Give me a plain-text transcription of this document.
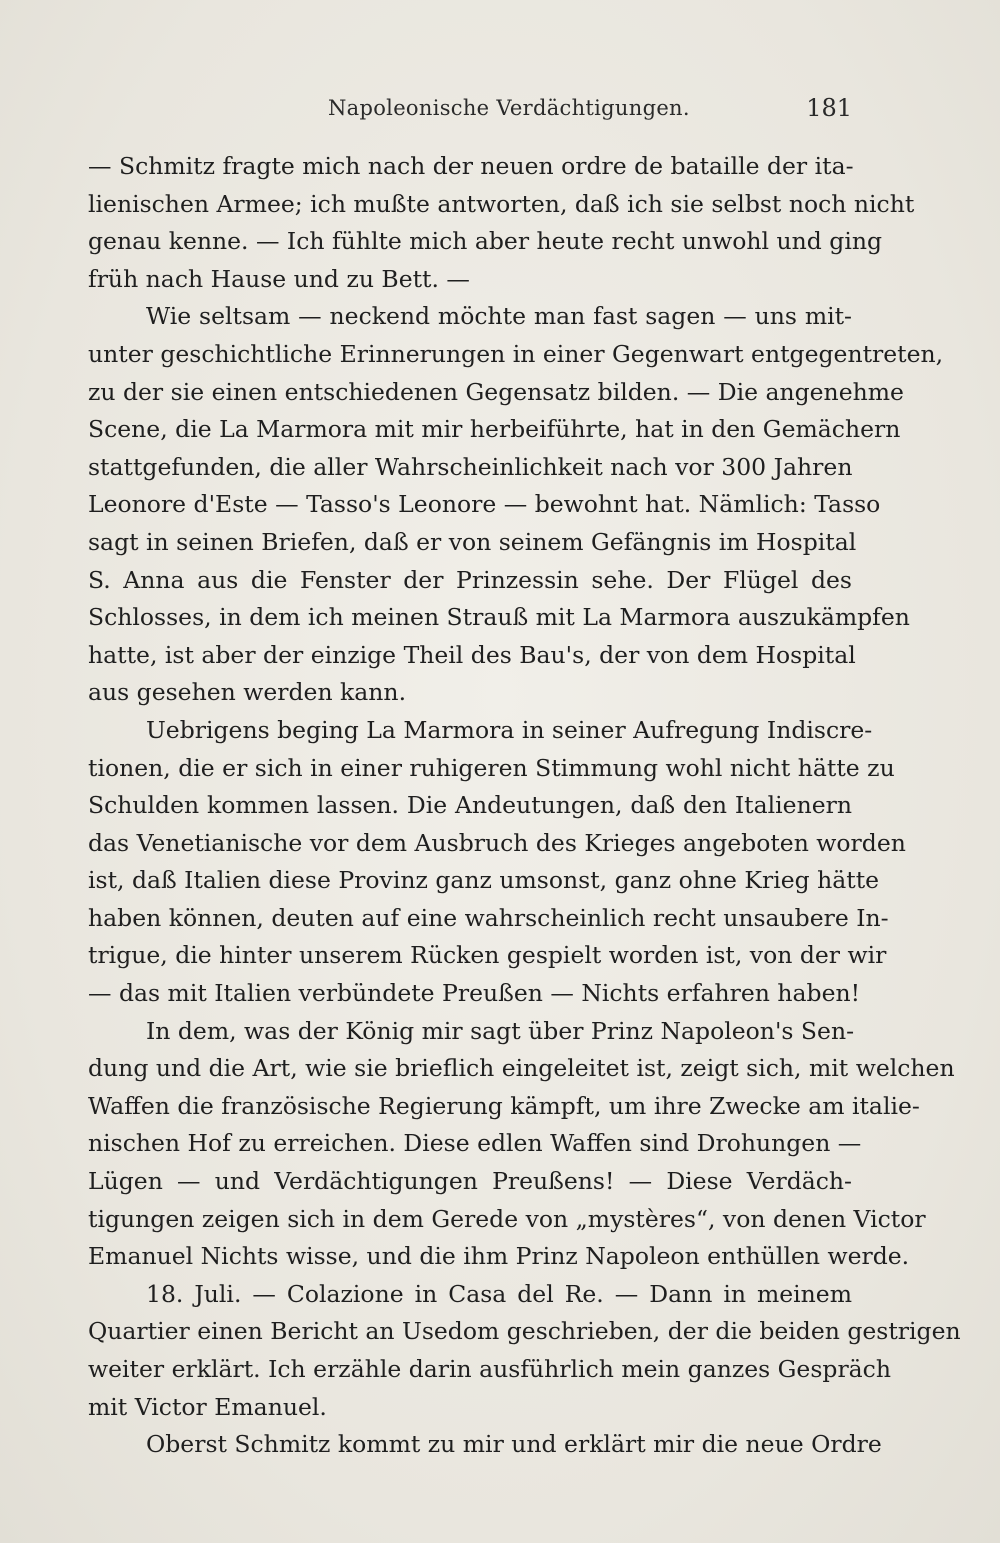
Napoleonische Verdächtigungen.	181
— Schmitz fragte mich nach der neuen ordre de bataille der ita-
lienischen Armee; ich mußte antworten, daß ich sie selbst noch nicht
genau kenne. — Ich fühlte mich aber heute recht unwohl und ging
früh nach Hause und zu Bett. —
Wie seltsam — neckend möchte man fast sagen — uns mit-
unter geschichtliche Erinnerungen in einer Gegenwart entgegentreten,
zu der sie einen entschiedenen Gegensatz bilden. — Die angenehme
Scene, die La Marmora mit mir herbeiführte, hat in den Gemächern
stattgefunden, die aller Wahrscheinlichkeit nach vor 300 Jahren
Leonore d'Este — Tasso's Leonore — bewohnt hat. Nämlich: Tasso
sagt in seinen Briefen, daß er von seinem Gefängnis im Hospital
S. Anna aus die Fenster der Prinzessin sehe. Der Flügel des
Schlosses, in dem ich meinen Strauß mit La Marmora auszukämpfen
hatte, ist aber der einzige Theil des Bau's, der von dem Hospital
aus gesehen werden kann.
Uebrigens beging La Marmora in seiner Aufregung Indiscre-
tionen, die er sich in einer ruhigeren Stimmung wohl nicht hätte zu
Schulden kommen lassen. Die Andeutungen, daß den Italienern
das Venetianische vor dem Ausbruch des Krieges angeboten worden
ist, daß Italien diese Provinz ganz umsonst, ganz ohne Krieg hätte
haben können, deuten auf eine wahrscheinlich recht unsaubere In-
trigue, die hinter unserem Rücken gespielt worden ist, von der wir
— das mit Italien verbündete Preußen — Nichts erfahren haben!
In dem, was der König mir sagt über Prinz Napoleon's Sen-
dung und die Art, wie sie brieflich eingeleitet ist, zeigt sich, mit welchen
Waffen die französische Regierung kämpft, um ihre Zwecke am italie-
nischen Hof zu erreichen. Diese edlen Waffen sind Drohungen —
Lügen — und Verdächtigungen Preußens! — Diese Verdäch-
tigungen zeigen sich in dem Gerede von „mystères“, von denen Victor
Emanuel Nichts wisse, und die ihm Prinz Napoleon enthüllen werde.
18. Juli. — Colazione in Casa del Re. — Dann in meinem
Quartier einen Bericht an Usedom geschrieben, der die beiden gestrigen
weiter erklärt. Ich erzähle darin ausführlich mein ganzes Gespräch
mit Victor Emanuel.
Oberst Schmitz kommt zu mir und erklärt mir die neue Ordre
